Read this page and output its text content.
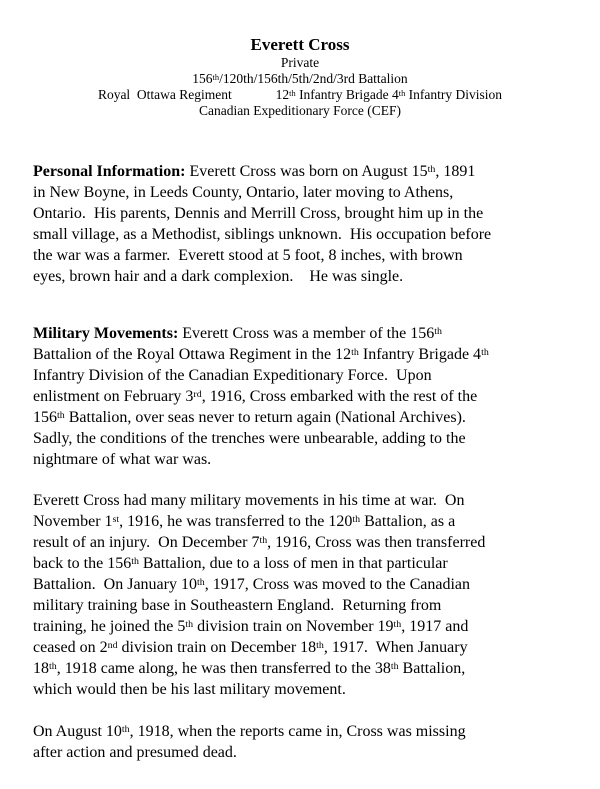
Everett Cross
Private
156th/120th/156th/5th/2nd/3rd Battalion
Royal  Ottawa Regiment             12th Infantry Brigade 4th Infantry Division
Canadian Expeditionary Force (CEF)
Personal Information: Everett Cross was born on August 15th, 1891
in New Boyne, in Leeds County, Ontario, later moving to Athens,
Ontario.  His parents, Dennis and Merrill Cross, brought him up in the
small village, as a Methodist, siblings unknown.  His occupation before
the war was a farmer.  Everett stood at 5 foot, 8 inches, with brown
eyes, brown hair and a dark complexion.    He was single.
Military Movements: Everett Cross was a member of the 156th
Battalion of the Royal Ottawa Regiment in the 12th Infantry Brigade 4th
Infantry Division of the Canadian Expeditionary Force.  Upon
enlistment on February 3rd, 1916, Cross embarked with the rest of the
156th Battalion, over seas never to return again (National Archives).
Sadly, the conditions of the trenches were unbearable, adding to the
nightmare of what war was.
Everett Cross had many military movements in his time at war.  On
November 1st, 1916, he was transferred to the 120th Battalion, as a
result of an injury.  On December 7th, 1916, Cross was then transferred
back to the 156th Battalion, due to a loss of men in that particular
Battalion.  On January 10th, 1917, Cross was moved to the Canadian
military training base in Southeastern England.  Returning from
training, he joined the 5th division train on November 19th, 1917 and
ceased on 2nd division train on December 18th, 1917.  When January
18th, 1918 came along, he was then transferred to the 38th Battalion,
which would then be his last military movement.
On August 10th, 1918, when the reports came in, Cross was missing
after action and presumed dead.
